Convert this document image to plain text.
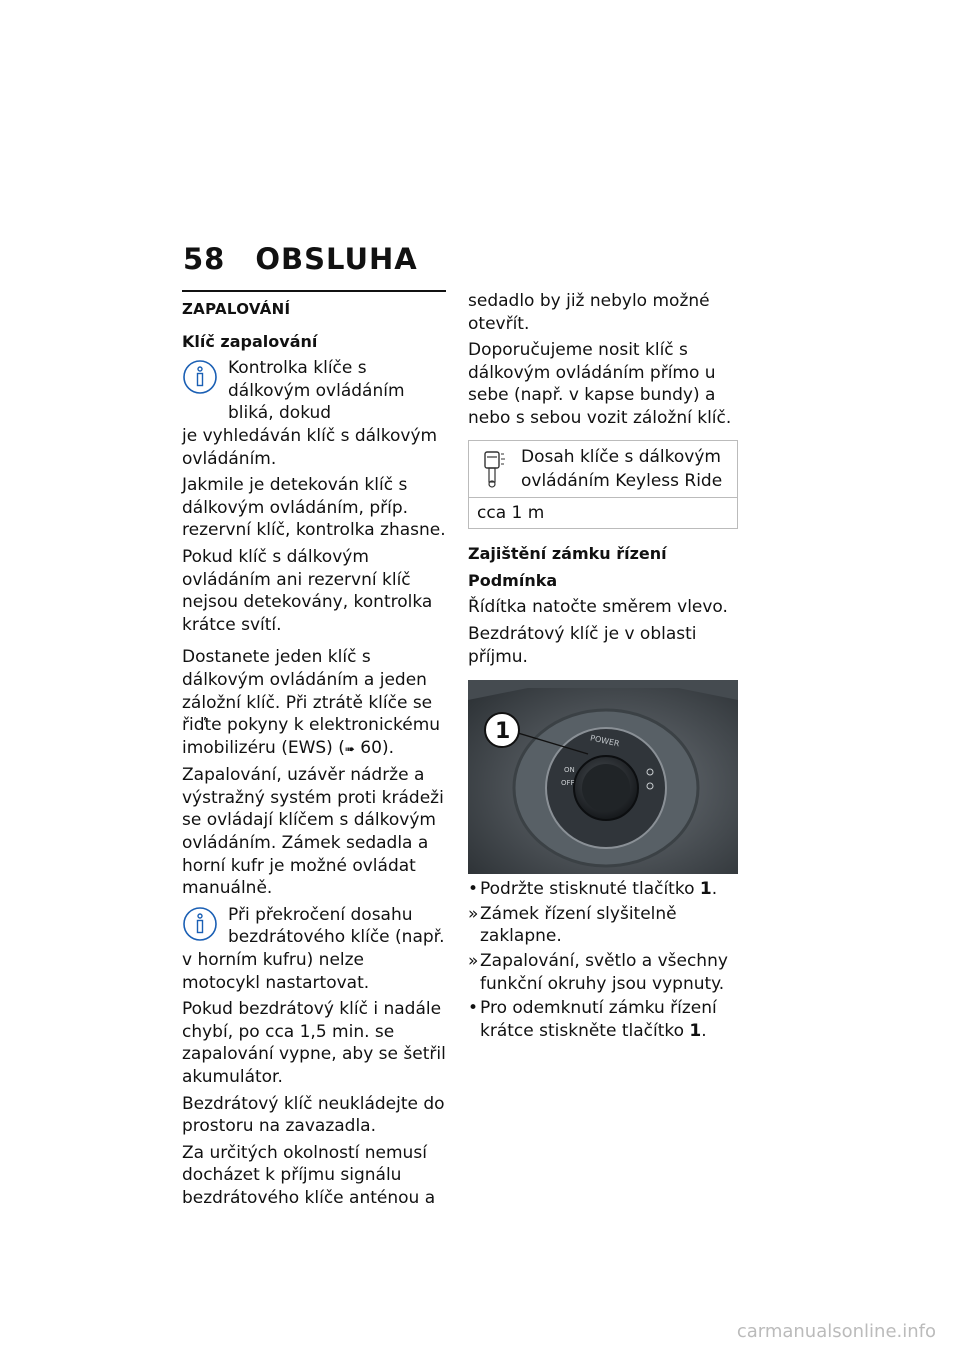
58 OBSLUHA
ZAPALOVÁNÍ
Klíč zapalování
Kontrolka klíče s dálkovým ovládáním bliká, dokud
je vyhledáván klíč s dálkovým ovládáním.

Jakmile je detekován klíč s dálkovým ovládáním, příp. rezervní klíč, kontrolka zhasne.

Pokud klíč s dálkovým ovládáním ani rezervní klíč nejsou detekovány, kontrolka krátce svítí.

Dostanete jeden klíč s dálkovým ovládáním a jeden záložní klíč. Při ztrátě klíče se řiďte pokyny k elektronickému imobilizéru (EWS) (➠ 60).

Zapalování, uzávěr nádrže a výstražný systém proti krádeži se ovládají klíčem s dálkovým ovládáním. Zámek sedadla a horní kufr je možné ovládat manuálně.

Při překročení dosahu bezdrátového klíče (např.
v horním kufru) nelze motocykl nastartovat.

Pokud bezdrátový klíč i nadále chybí, po cca 1,5 min. se zapalování vypne, aby se šetřil akumulátor.

Bezdrátový klíč neukládejte do prostoru na zavazadla.

Za určitých okolností nemusí docházet k příjmu signálu bezdrátového klíče anténou a

sedadlo by již nebylo možné otevřít.

Doporučujeme nosit klíč s dálkovým ovládáním přímo u sebe (např. v kapse bundy) a nebo s sebou vozit záložní klíč.

Dosah klíče s dálkovým ovládáním Keyless Ride
cca 1 m
Zajištění zámku řízení
Podmínka

Řídítka natočte směrem vlevo.

Bezdrátový klíč je v oblasti příjmu.

POWER
ON
OFF
1
• Podržte stisknuté tlačítko 1.
» Zámek řízení slyšitelně zaklapne.
» Zapalování, světlo a všechny funkční okruhy jsou vypnuty.
• Pro odemknutí zámku řízení krátce stiskněte tlačítko 1.
carmanualsonline.info
